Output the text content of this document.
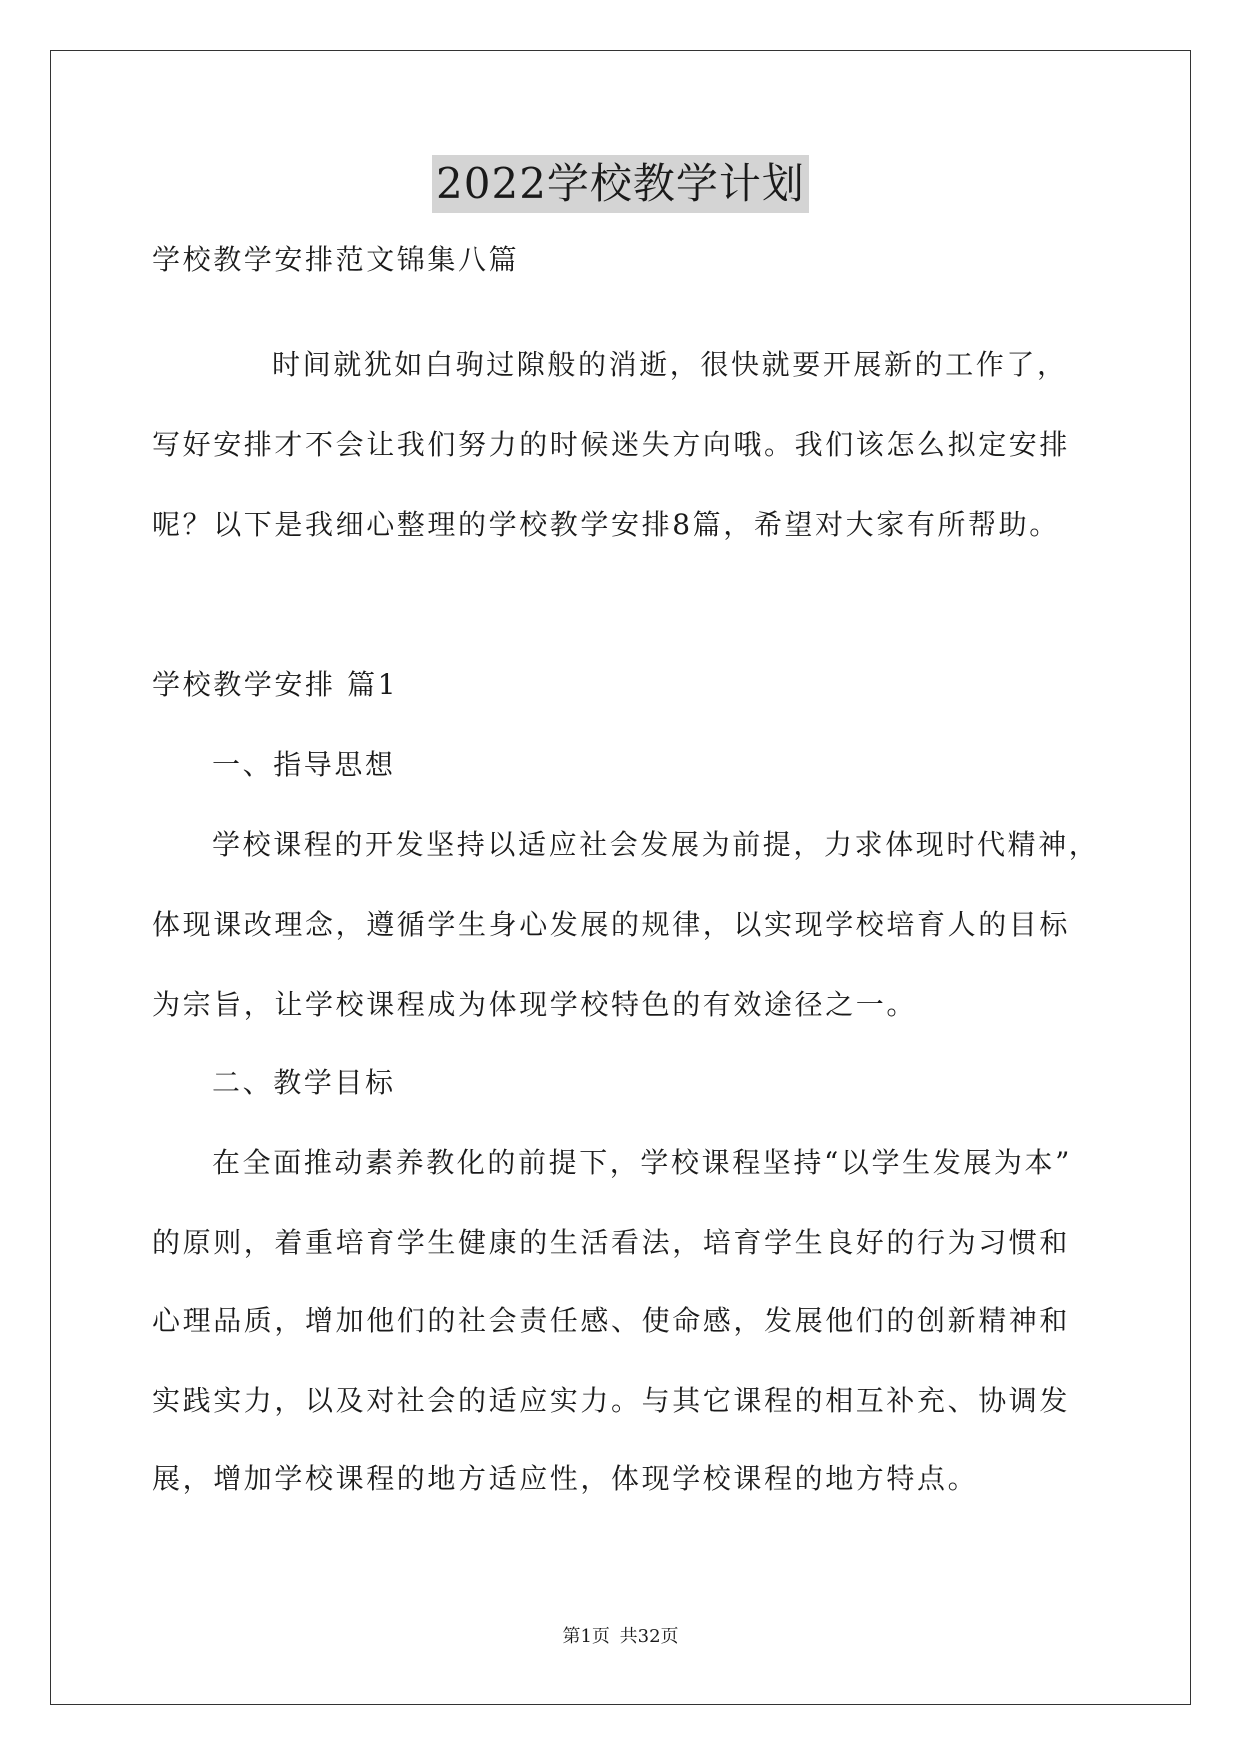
2022学校教学计划
学校教学安排范文锦集八篇
时间就犹如白驹过隙般的消逝，很快就要开展新的工作了，
写好安排才不会让我们努力的时候迷失方向哦。我们该怎么拟定安排
呢？以下是我细心整理的学校教学安排8篇，希望对大家有所帮助。
学校教学安排 篇1
一、指导思想
学校课程的开发坚持以适应社会发展为前提，力求体现时代精神，
体现课改理念，遵循学生身心发展的规律，以实现学校培育人的目标
为宗旨，让学校课程成为体现学校特色的有效途径之一。
二、教学目标
在全面推动素养教化的前提下，学校课程坚持“以学生发展为本”
的原则，着重培育学生健康的生活看法，培育学生良好的行为习惯和
心理品质，增加他们的社会责任感、使命感，发展他们的创新精神和
实践实力，以及对社会的适应实力。与其它课程的相互补充、协调发
展，增加学校课程的地方适应性，体现学校课程的地方特点。
第1页 共32页
